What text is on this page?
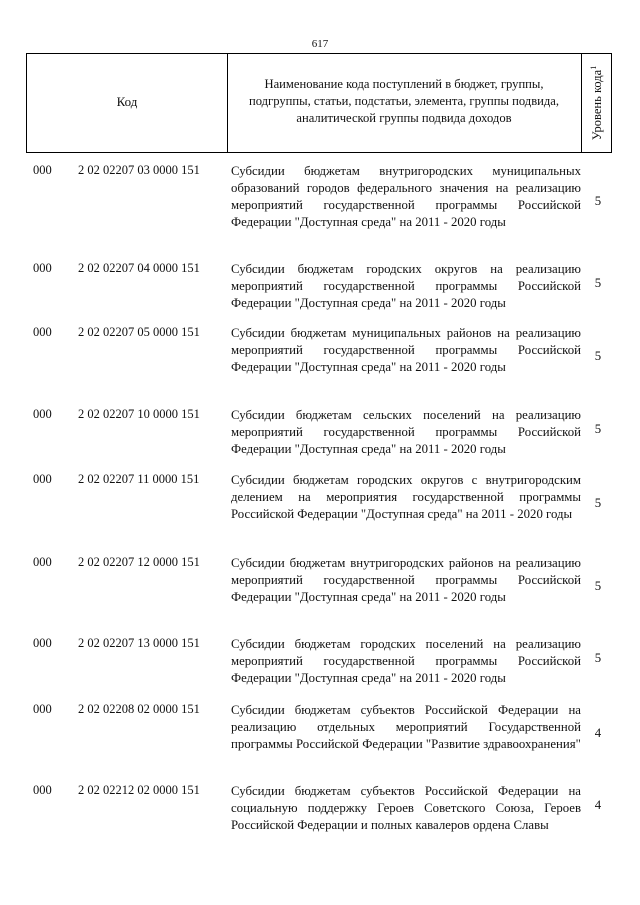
617
Код
Наименование кода поступлений в бюджет, группы, подгруппы, статьи, подстатьи, элемента, группы подвида, аналитической группы подвида доходов	Уровень кода$^1$
000 2 02 02207 03 0000 151 Субсидии бюджетам внутригородских муниципальных образований городов федерального значения на реализацию мероприятий государственной программы Российской Федерации "Доступная среда" на 2011 - 2020 годы
5
000 2 02 02207 04 0000 151 Субсидии бюджетам городских округов на реализацию мероприятий государственной программы Российской Федерации "Доступная среда" на 2011 - 2020 годы
5
000 2 02 02207 05 0000 151 Субсидии бюджетам муниципальных районов на реализацию мероприятий государственной программы Российской Федерации "Доступная среда" на 2011 - 2020 годы
5
000 2 02 02207 10 0000 151 Субсидии бюджетам сельских поселений на реализацию мероприятий государственной программы Российской Федерации "Доступная среда" на 2011 - 2020 годы
5
000 2 02 02207 11 0000 151 Субсидии бюджетам городских округов с внутригородским делением на мероприятия государственной программы Российской Федерации "Доступная среда" на 2011 - 2020 годы
5
000 2 02 02207 12 0000 151 Субсидии бюджетам внутригородских районов на реализацию мероприятий государственной программы Российской Федерации "Доступная среда" на 2011 - 2020 годы
5
000 2 02 02207 13 0000 151 Субсидии бюджетам городских поселений на реализацию мероприятий государственной программы Российской Федерации "Доступная среда" на 2011 - 2020 годы
5
000 2 02 02208 02 0000 151 Субсидии бюджетам субъектов Российской Федерации на реализацию отдельных мероприятий Государственной программы Российской Федерации "Развитие здравоохранения"
4
000 2 02 02212 02 0000 151 Субсидии бюджетам субъектов Российской Федерации на социальную поддержку Героев Советского Союза, Героев Российской Федерации и полных кавалеров ордена Славы
4
